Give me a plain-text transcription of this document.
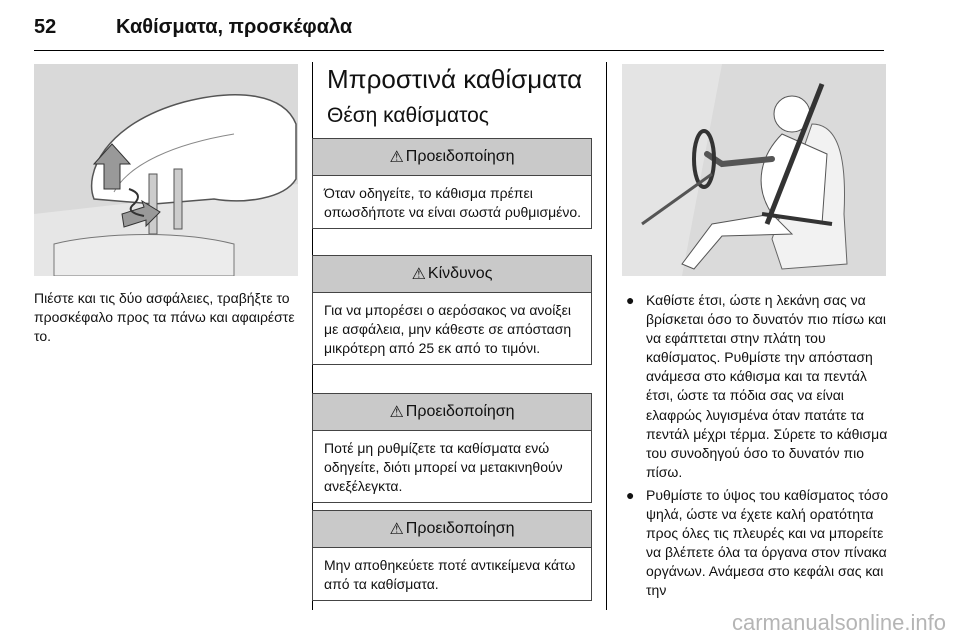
52	Καθίσματα, προσκέφαλα

Πιέστε και τις δύο ασφάλειες, τραβήξτε το προσκέφαλο προς τα πάνω και αφαιρέστε το.

Μπροστινά καθίσματα
Θέση καθίσματος
⚠ Προειδοποίηση
Όταν οδηγείτε, το κάθισμα πρέπει οπωσδήποτε να είναι σωστά ρυθμισμένο.
⚠ Κίνδυνος
Για να μπορέσει ο αερόσακος να ανοίξει με ασφάλεια, μην κάθεστε σε απόσταση μικρότερη από 25 εκ από το τιμόνι.
⚠ Προειδοποίηση
Ποτέ μη ρυθμίζετε τα καθίσματα ενώ οδηγείτε, διότι μπορεί να μετακινηθούν ανεξέλεγκτα.
⚠ Προειδοποίηση
Μην αποθηκεύετε ποτέ αντικείμενα κάτω από τα καθίσματα.
● Καθίστε έτσι, ώστε η λεκάνη σας να βρίσκεται όσο το δυνατόν πιο πίσω και να εφάπτεται στην πλάτη του καθίσματος. Ρυθμίστε την απόσταση ανάμεσα στο κάθισμα και τα πεντάλ έτσι, ώστε τα πόδια σας να είναι ελαφρώς λυγισμένα όταν πατάτε τα πεντάλ μέχρι τέρμα. Σύρετε το κάθισμα του συνοδηγού όσο το δυνατόν πιο πίσω.
● Ρυθμίστε το ύψος του καθίσματος τόσο ψηλά, ώστε να έχετε καλή ορατότητα προς όλες τις πλευρές και να μπορείτε να βλέπετε όλα τα όργανα στον πίνακα οργάνων. Ανάμεσα στο κεφάλι σας και την
carmanualsonline.info
